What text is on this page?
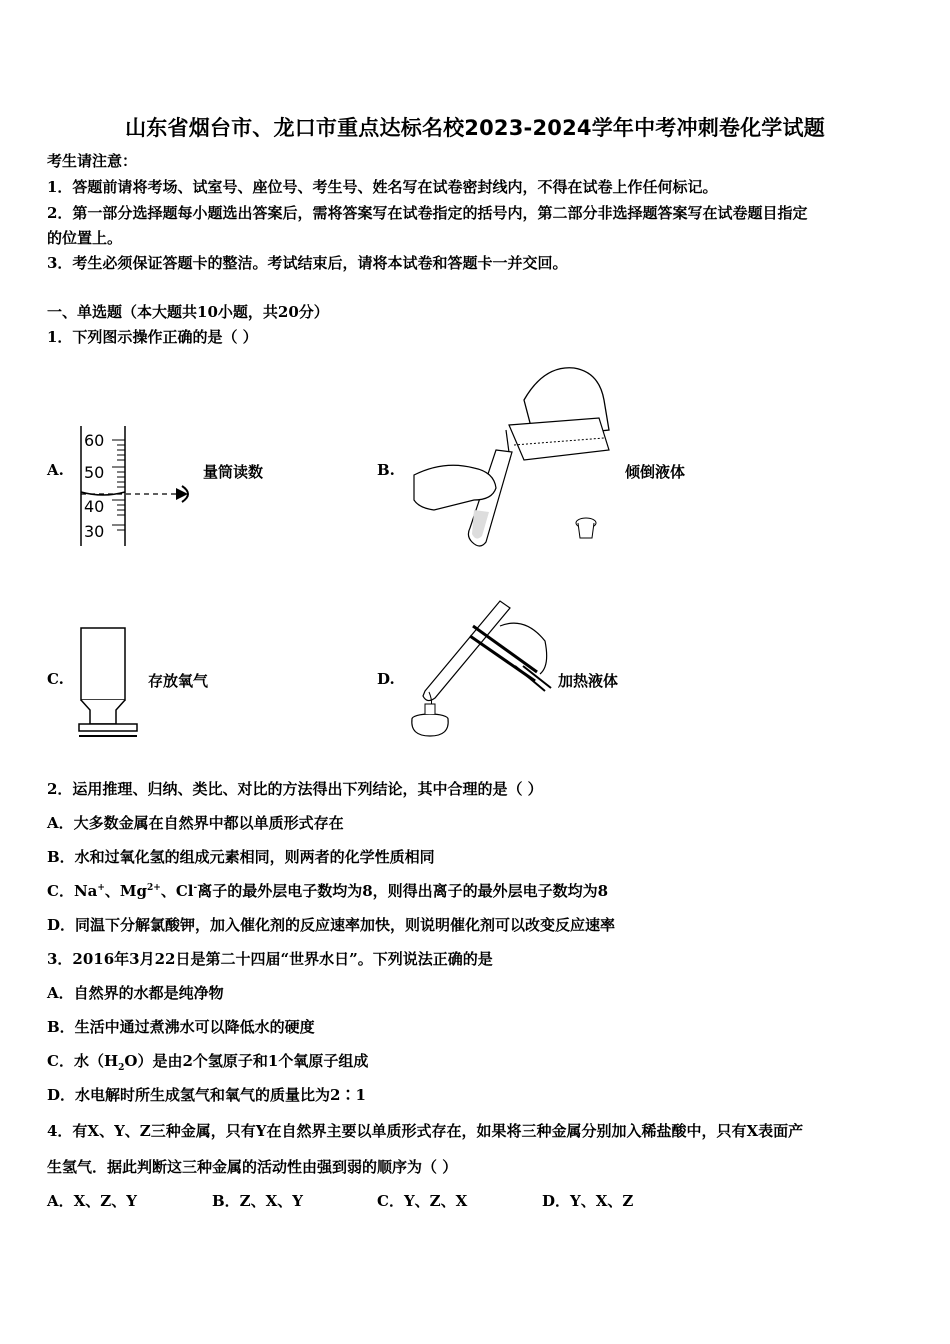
山东省烟台市、龙口市重点达标名校2023-2024学年中考冲刺卷化学试题
考生请注意：
1．答题前请将考场、试室号、座位号、考生号、姓名写在试卷密封线内，不得在试卷上作任何标记。
2．第一部分选择题每小题选出答案后，需将答案写在试卷指定的括号内，第二部分非选择题答案写在试卷题目指定
的位置上。
3．考生必须保证答题卡的整洁。考试结束后，请将本试卷和答题卡一并交回。
一、单选题（本大题共10小题，共20分）
1．下列图示操作正确的是（ ）
A.
60
50
40
30
量筒读数	B.	倾倒液体
C.	存放氧气	D.	加热液体
2．运用推理、归纳、类比、对比的方法得出下列结论，其中合理的是（ ）
A．大多数金属在自然界中都以单质形式存在
B．水和过氧化氢的组成元素相同，则两者的化学性质相同
C．Na+、$Mg^{2+}$、Cl-离子的最外层电子数均为8，则得出离子的最外层电子数均为8
D．同温下分解氯酸钾，加入催化剂的反应速率加快，则说明催化剂可以改变反应速率
3．2016年3月22日是第二十四届“世界水日”。下列说法正确的是
A．自然界的水都是纯净物
B．生活中通过煮沸水可以降低水的硬度
C．水$(H_2O)$是由2个氢原子和1个氧原子组成
D．水电解时所生成氢气和氧气的质量比为2∶1
4．有X、Y、Z三种金属，只有Y在自然界主要以单质形式存在，如果将三种金属分别加入稀盐酸中，只有X表面产
生氢气．据此判断这三种金属的活动性由强到弱的顺序为（ ）
A．X、Z、Y	B．Z、X、Y	C．Y、Z、X	D．Y、X、Z
